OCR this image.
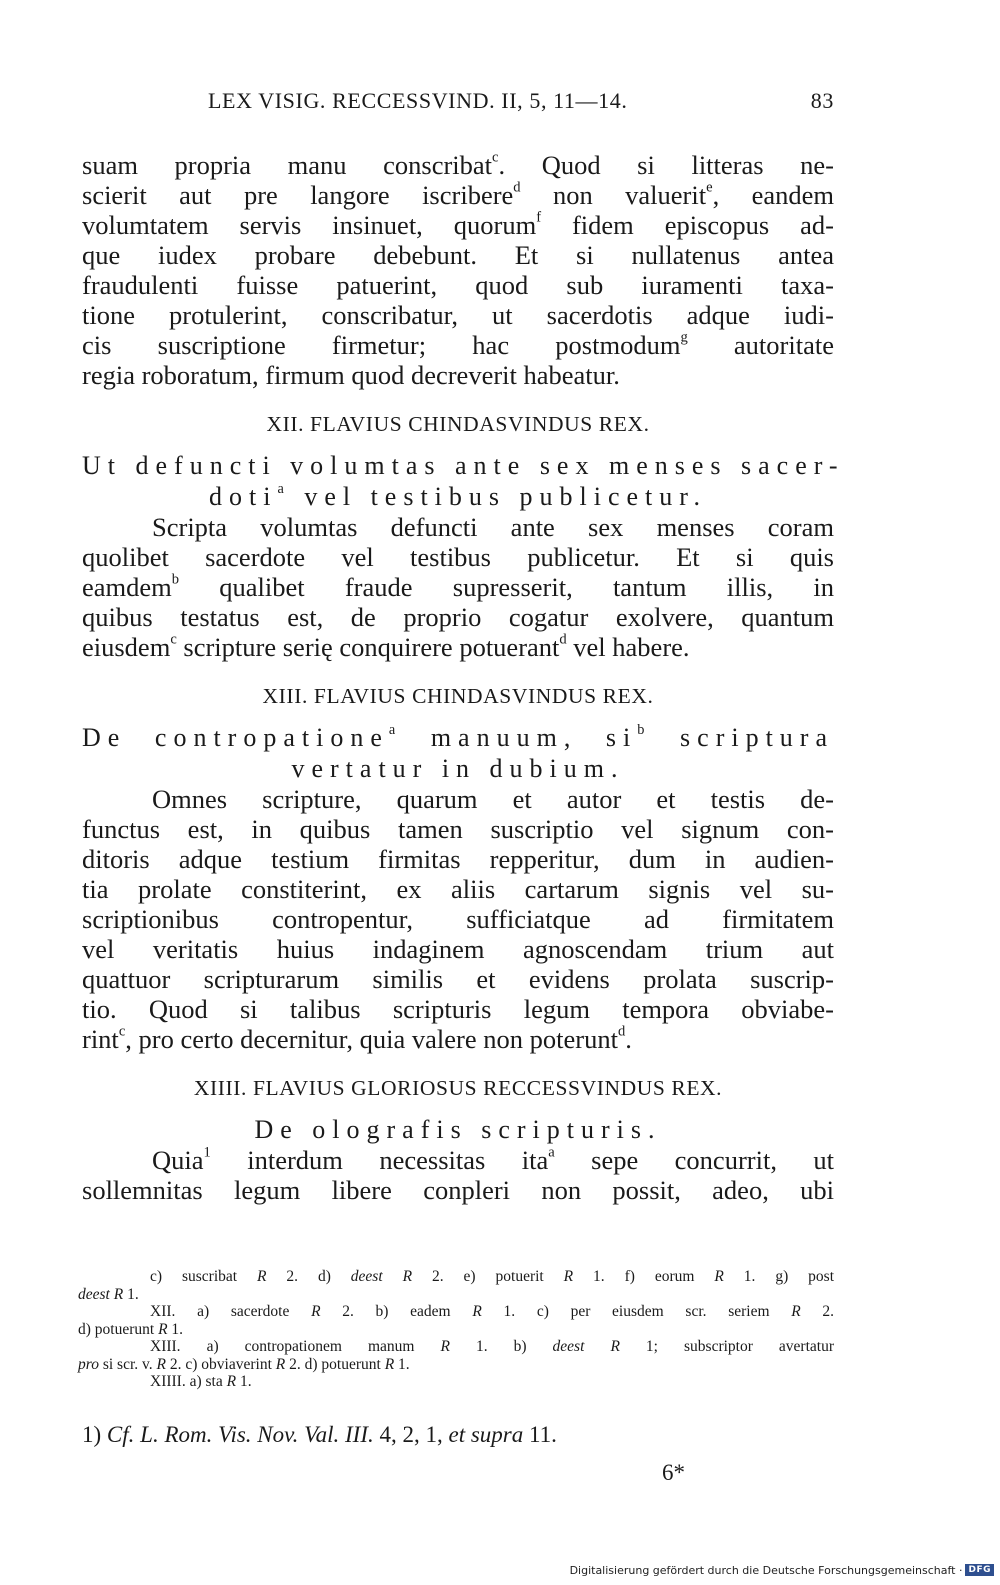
LEX VISIG. RECCESSVIND. II, 5, 11—14.	83
suam propria manu conscribat$^c$. Quod si litteras ne-
scierit aut pre langore iscribere$^d$ non valuerit$^e$, eandem
volumtatem servis insinuet, quorum$^f$ fidem episcopus ad-
que iudex probare debebunt. Et si nullatenus antea
fraudulenti fuisse patuerint, quod sub iuramenti taxa-
tione protulerint, conscribatur, ut sacerdotis adque iudi-
cis suscriptione firmetur; hac postmodum$^g$ autoritate
regia roboratum, firmum quod decreverit habeatur.
XII. FLAVIUS CHINDASVINDUS REX.
Ut defuncti volumtas ante sex menses sacer-
doti$^a$ vel testibus publicetur.
Scripta volumtas defuncti ante sex menses coram
quolibet sacerdote vel testibus publicetur. Et si quis
eamdem$^b$ qualibet fraude supresserit, tantum illis, in
quibus testatus est, de proprio cogatur exolvere, quantum
eiusdem$^c$ scripture serię conquirere potuerant$^d$ vel habere.
XIII. FLAVIUS CHINDASVINDUS REX.
De contropatione$^a$ manuum, $si^b$ scriptura
vertatur in dubium.
Omnes scripture, quarum et autor et testis de-
functus est, in quibus tamen suscriptio vel signum con-
ditoris adque testium firmitas repperitur, dum in audien-
tia prolate constiterint, ex aliis cartarum signis vel su-
scriptionibus contropentur, sufficiatque ad firmitatem
vel veritatis huius indaginem agnoscendam trium aut
quattuor scripturarum similis et evidens prolata suscrip-
tio. Quod si talibus scripturis legum tempora obviabe-
rint$^c$, pro certo decernitur, quia valere non poterunt$^d$.
XIIII. FLAVIUS GLORIOSUS RECCESSVINDUS REX.
De olografis scripturis.
Quia$^1$ interdum necessitas ita$^a$ sepe concurrit, ut
sollemnitas legum libere conpleri non possit, adeo, ubi
c) suscribat R 2. d) deest R 2. e) potuerit R 1. f) eorum R 1. g) post
deest R 1.
XII. a) sacerdote R 2. b) eadem R 1. c) per eiusdem scr. seriem R 2.
d) potuerunt R 1.
XIII. a) contropationem manum R 1. b) deest R 1; subscriptor avertatur
pro si scr. v. R 2. c) obviaverint R 2. d) potuerunt R 1.
XIIII. a) sta R 1.
1) Cf. L. Rom. Vis. Nov. Val. III. 4, 2, 1, et supra 11.
6*
Digitalisierung gefördert durch die Deutsche Forschungsgemeinschaft · DFG
